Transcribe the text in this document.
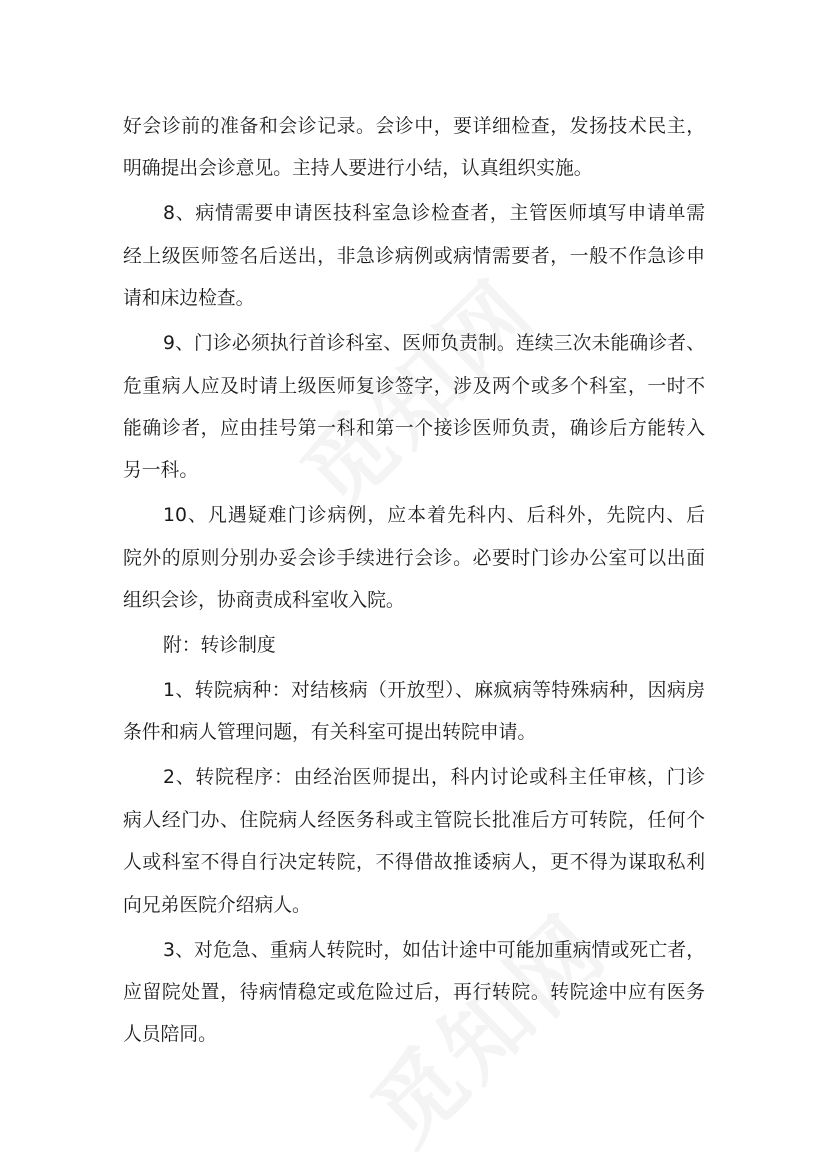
好会诊前的准备和会诊记录。会诊中，要详细检查，发扬技术民主，
明确提出会诊意见。主持人要进行小结，认真组织实施。
8、病情需要申请医技科室急诊检查者，主管医师填写申请单需
经上级医师签名后送出，非急诊病例或病情需要者，一般不作急诊申
请和床边检查。
9、门诊必须执行首诊科室、医师负责制。连续三次未能确诊者、
危重病人应及时请上级医师复诊签字，涉及两个或多个科室，一时不
能确诊者，应由挂号第一科和第一个接诊医师负责，确诊后方能转入
另一科。
10、凡遇疑难门诊病例，应本着先科内、后科外，先院内、后
院外的原则分别办妥会诊手续进行会诊。必要时门诊办公室可以出面
组织会诊，协商责成科室收入院。
附：转诊制度
1、转院病种：对结核病（开放型）、麻疯病等特殊病种，因病房
条件和病人管理问题，有关科室可提出转院申请。
2、转院程序：由经治医师提出，科内讨论或科主任审核，门诊
病人经门办、住院病人经医务科或主管院长批准后方可转院，任何个
人或科室不得自行决定转院，不得借故推诿病人，更不得为谋取私利
向兄弟医院介绍病人。
3、对危急、重病人转院时，如估计途中可能加重病情或死亡者，
应留院处置，待病情稳定或危险过后，再行转院。转院途中应有医务
人员陪同。
